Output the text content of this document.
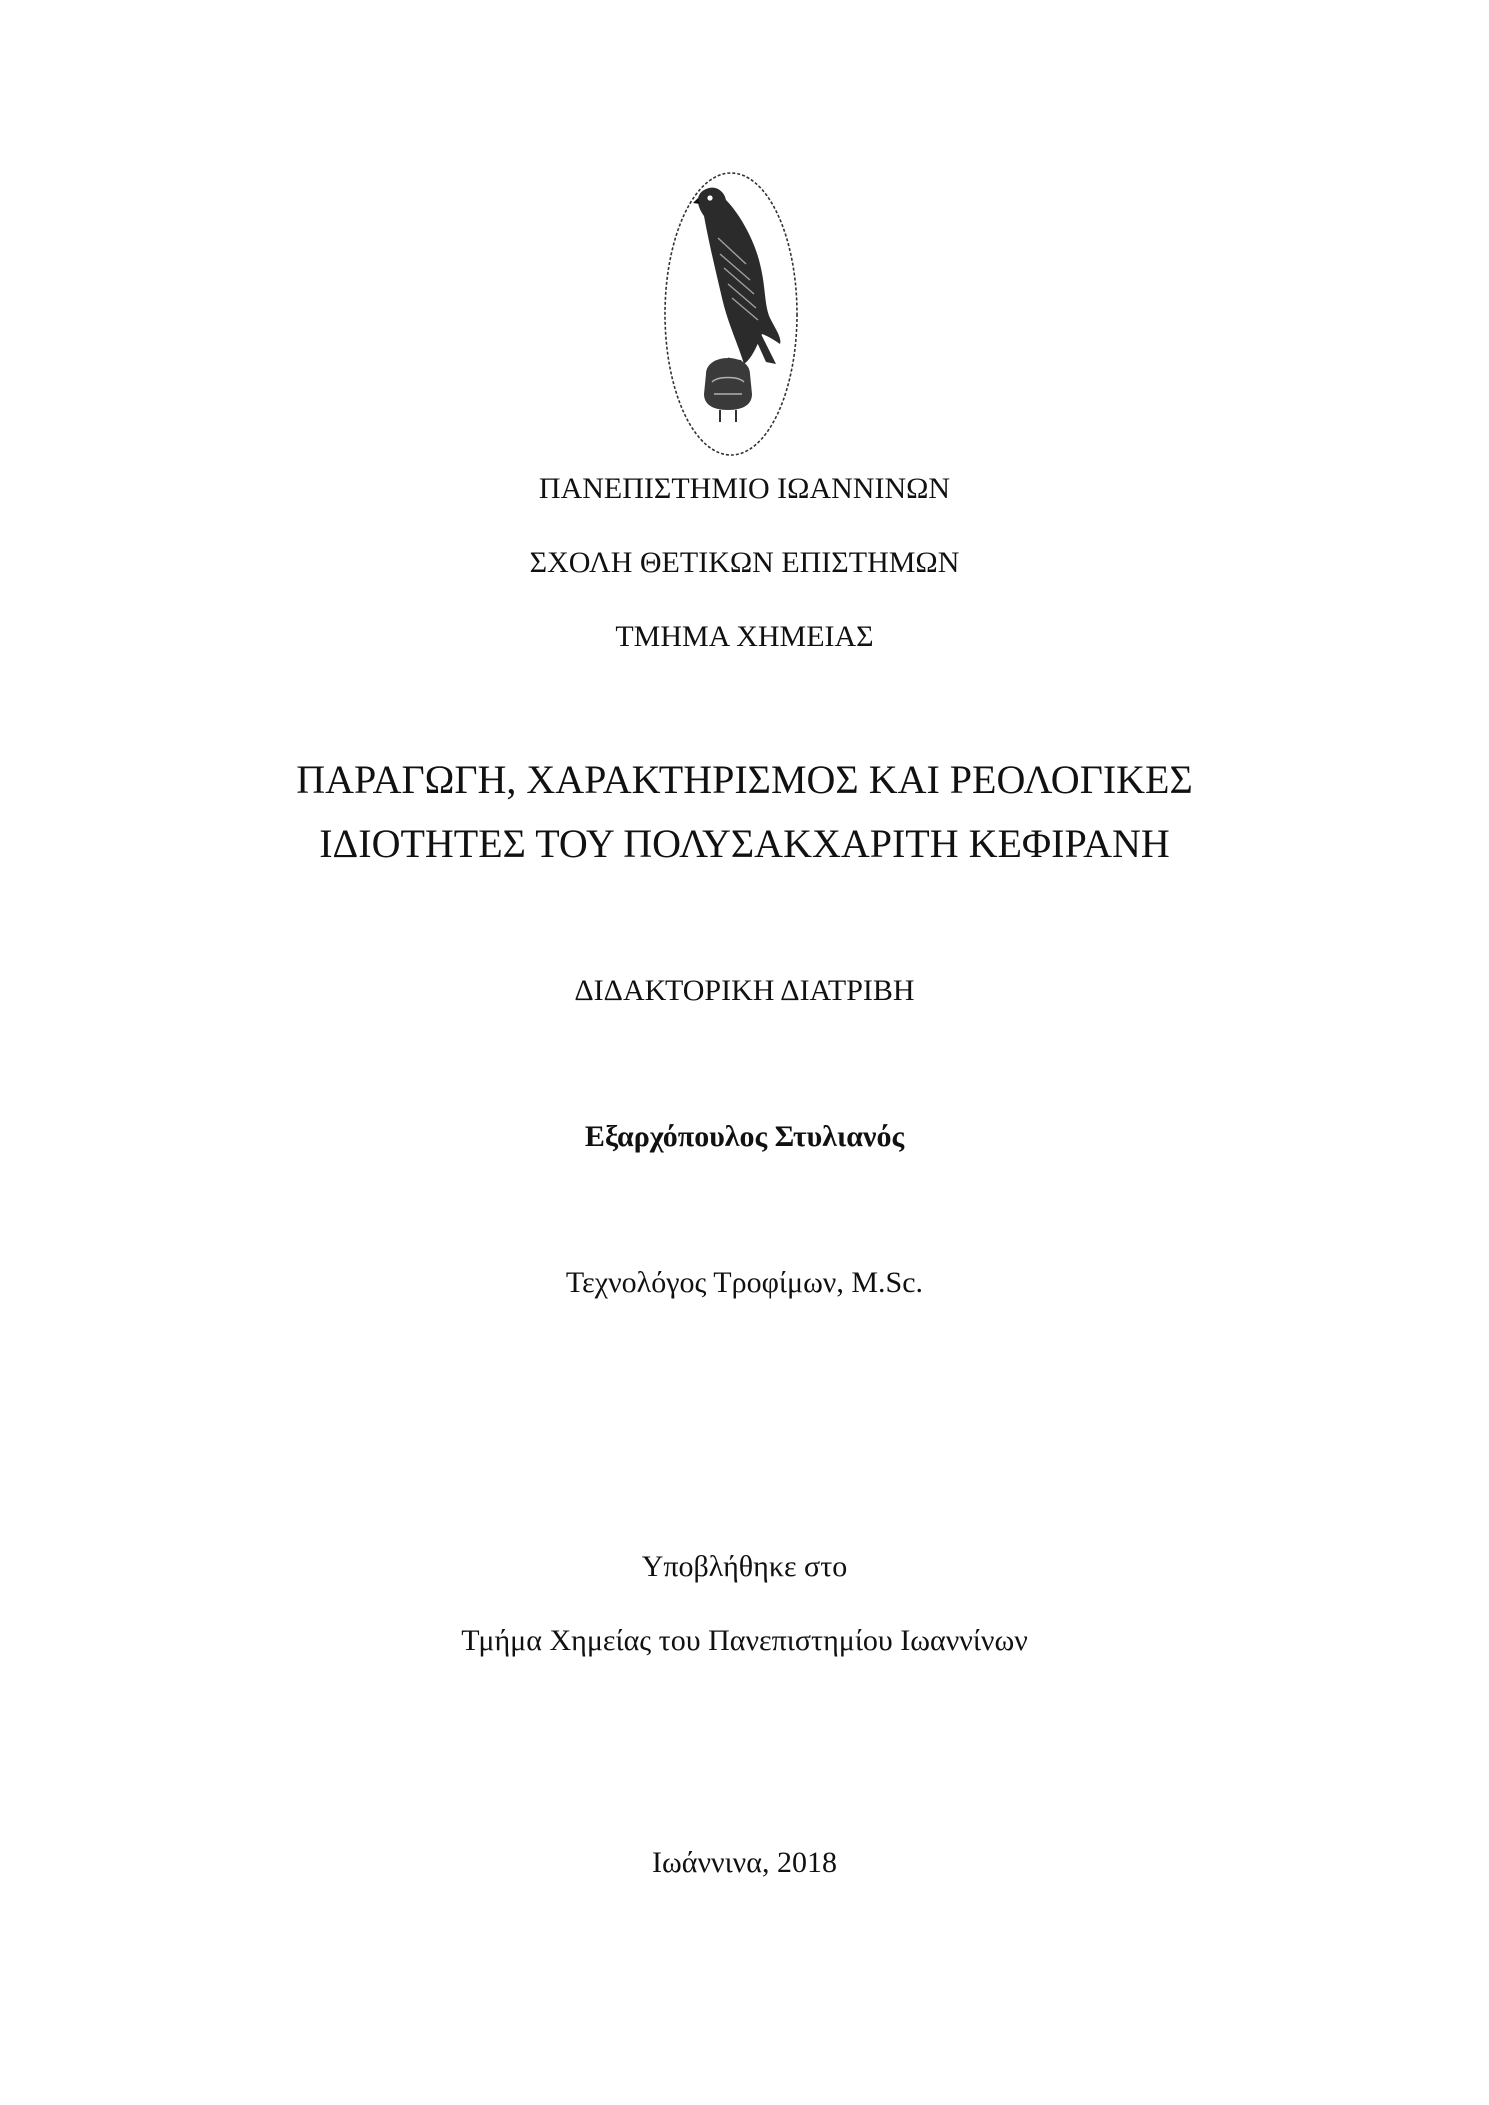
ΠΑΝΕΠΙΣΤΗΜΙΟ ΙΩΑΝΝΙΝΩΝ
ΣΧΟΛΗ ΘΕΤΙΚΩΝ ΕΠΙΣΤΗΜΩΝ
ΤΜΗΜΑ ΧΗΜΕΙΑΣ
ΠΑΡΑΓΩΓΗ, ΧΑΡΑΚΤΗΡΙΣΜΟΣ ΚΑΙ ΡΕΟΛΟΓΙΚΕΣ
ΙΔΙΟΤΗΤΕΣ ΤΟΥ ΠΟΛΥΣΑΚΧΑΡΙΤΗ ΚΕΦΙΡΑΝΗ
ΔΙΔΑΚΤΟΡΙΚΗ ΔΙΑΤΡΙΒΗ
Εξαρχόπουλος Στυλιανός
Τεχνολόγος Τροφίμων, M.Sc.
Υποβλήθηκε στο
Τμήμα Χημείας του Πανεπιστημίου Ιωαννίνων
Ιωάννινα, 2018
